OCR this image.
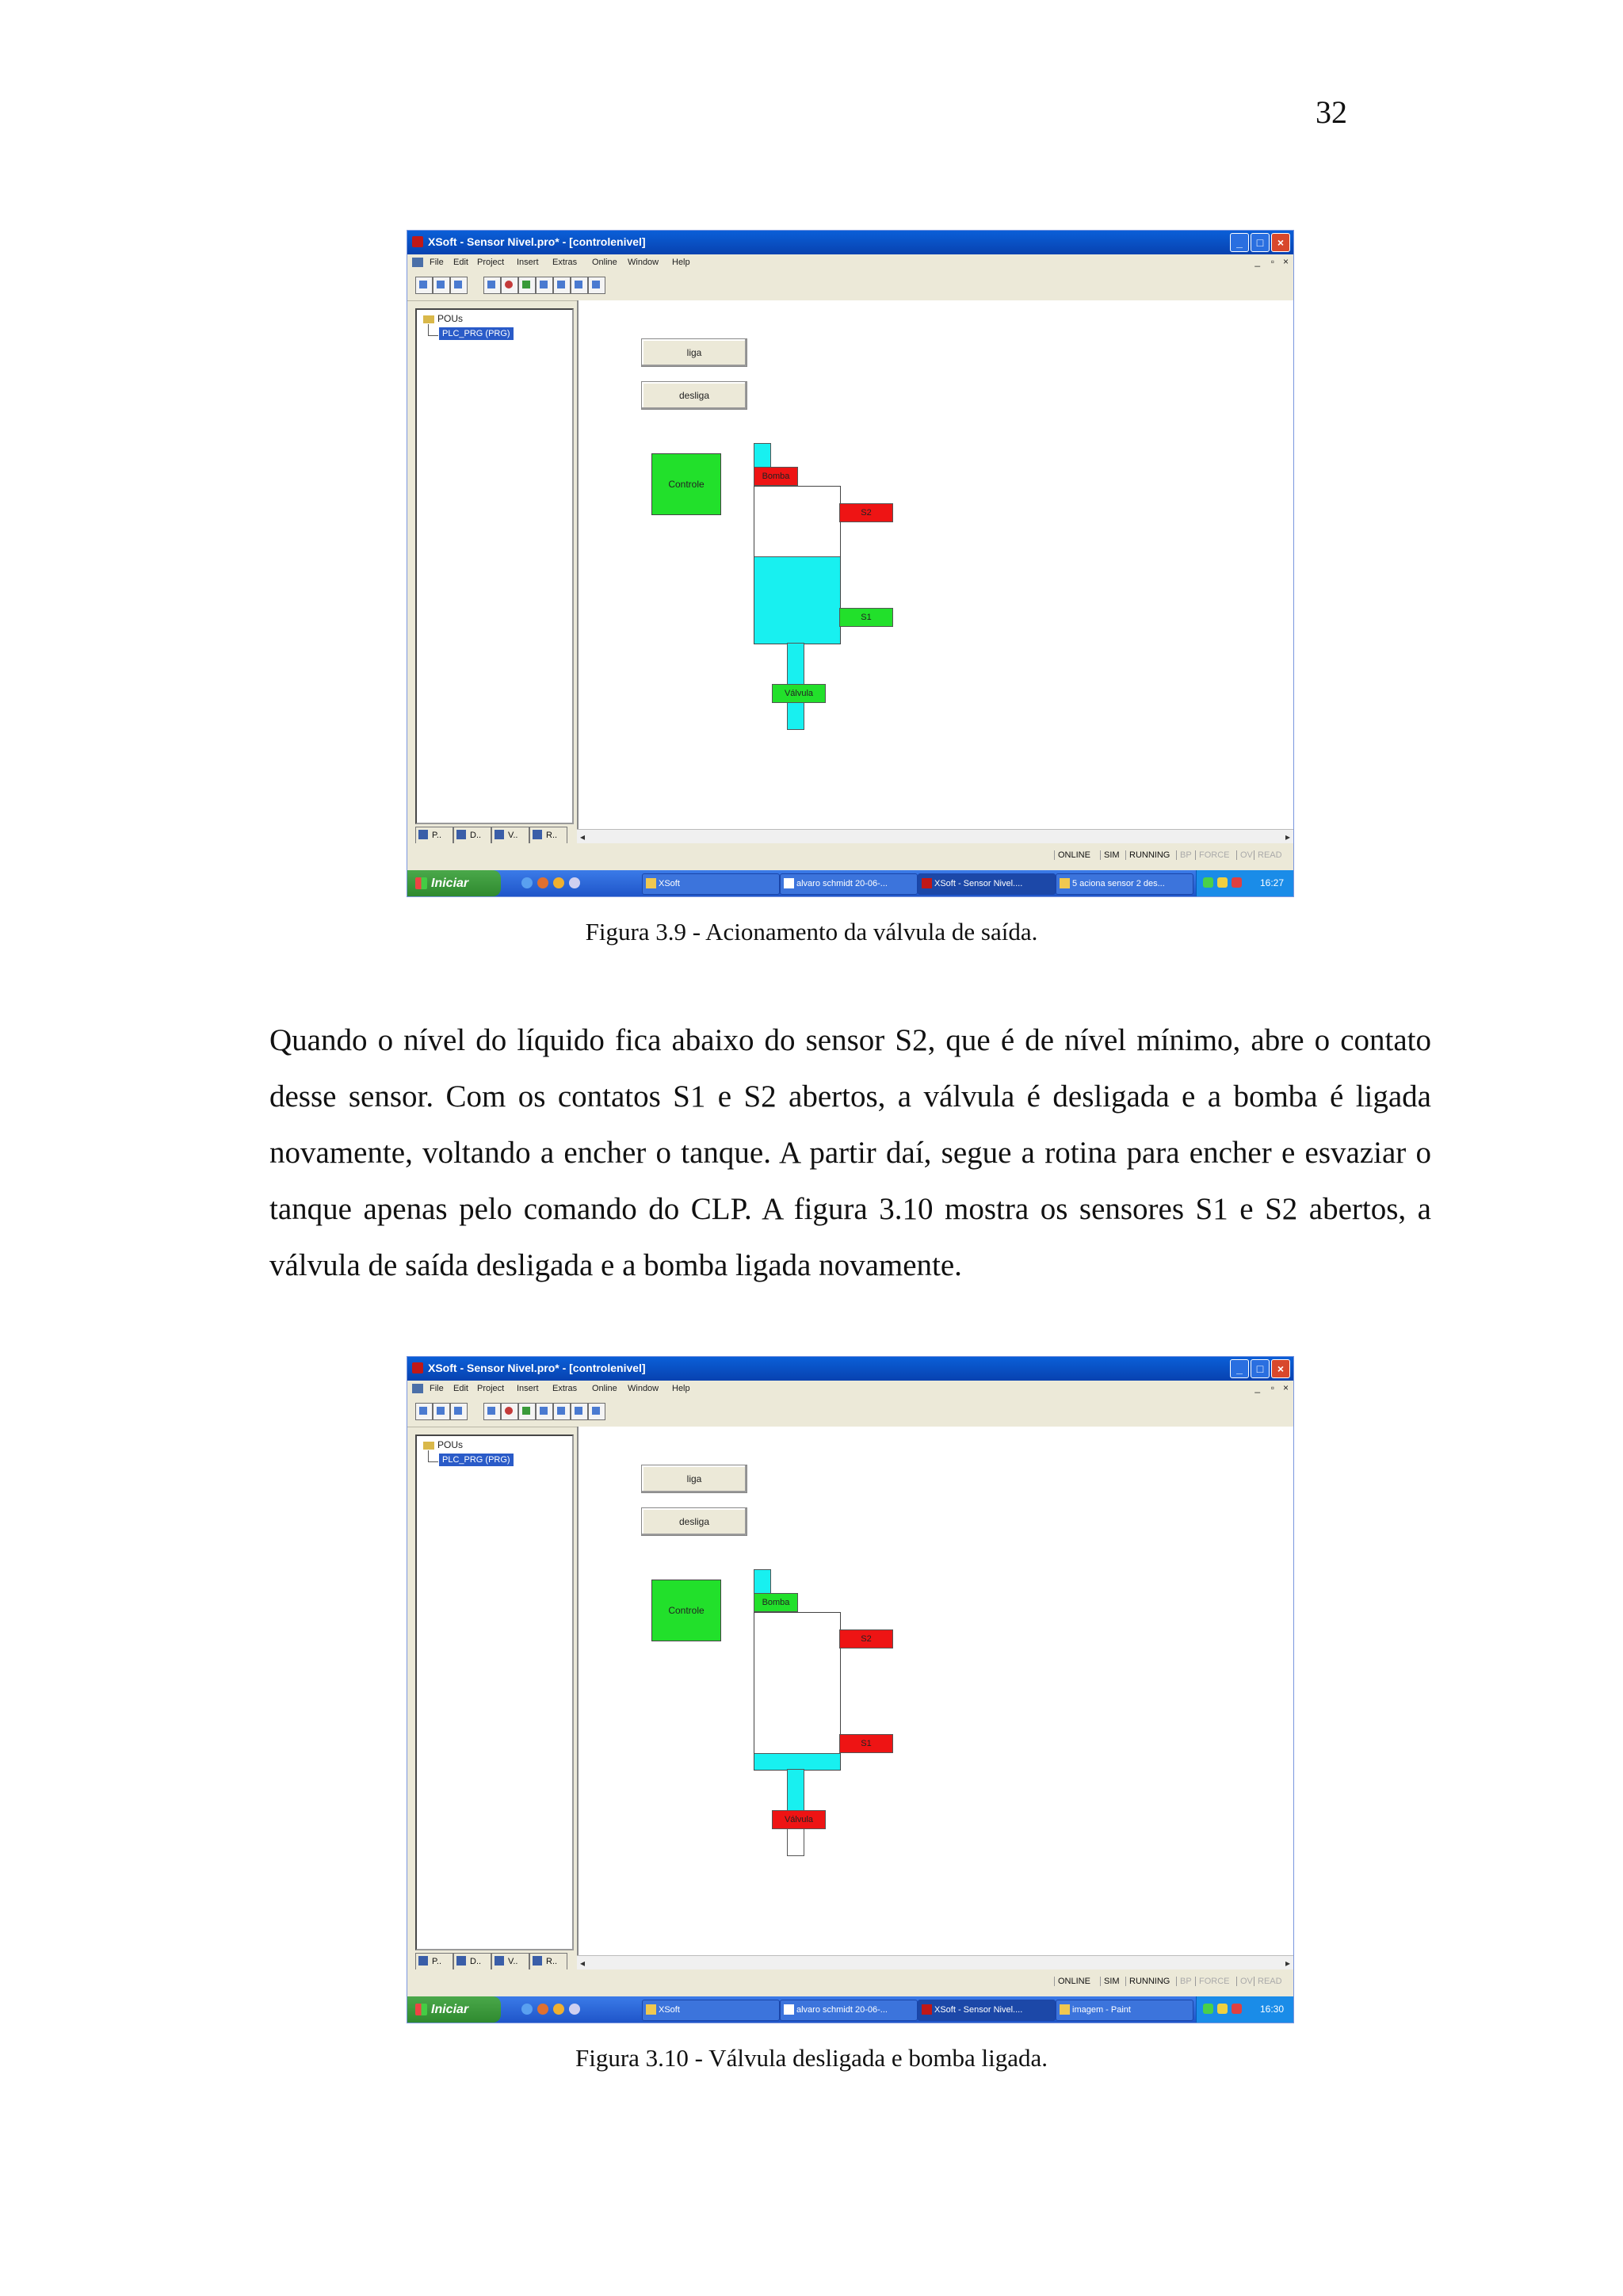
32
XSoft - Sensor Nivel.pro* - [controlenivel]	_	□	×
File Edit Project Insert Extras Online Window Help	_ ▫ ×
POUs
PLC_PRG (PRG)
P..	D..	V..	R..
liga
desliga
Controle
Bomba
S2
S1
Válvula
◂	▸
ONLINE	SIM	RUNNING	BP FORCE	OV READ
Iniciar	XSoft	alvaro schmidt 20-06-...	XSoft - Sensor Nivel....	5 aciona sensor 2 des...	16:27
Figura 3.9 - Acionamento da válvula de saída.

Quando o nível do líquido fica abaixo do sensor S2, que é de nível mínimo, abre o contato desse sensor. Com os contatos S1 e S2 abertos, a válvula é desligada e a bomba é ligada novamente, voltando a encher o tanque. A partir daí, segue a rotina para encher e esvaziar o tanque apenas pelo comando do CLP. A figura 3.10 mostra os sensores S1 e S2 abertos, a válvula de saída desligada e a bomba ligada novamente.

XSoft - Sensor Nivel.pro* - [controlenivel]	_	□	×
File Edit Project Insert Extras Online Window Help	_ ▫ ×
POUs
PLC_PRG (PRG)
P..	D..	V..	R..
liga
desliga
Controle
Bomba
S2
S1
Válvula
◂	▸
ONLINE	SIM	RUNNING	BP FORCE	OV READ
Iniciar	XSoft	alvaro schmidt 20-06-...	XSoft - Sensor Nivel....	imagem - Paint	16:30
Figura 3.10 - Válvula desligada e bomba ligada.
